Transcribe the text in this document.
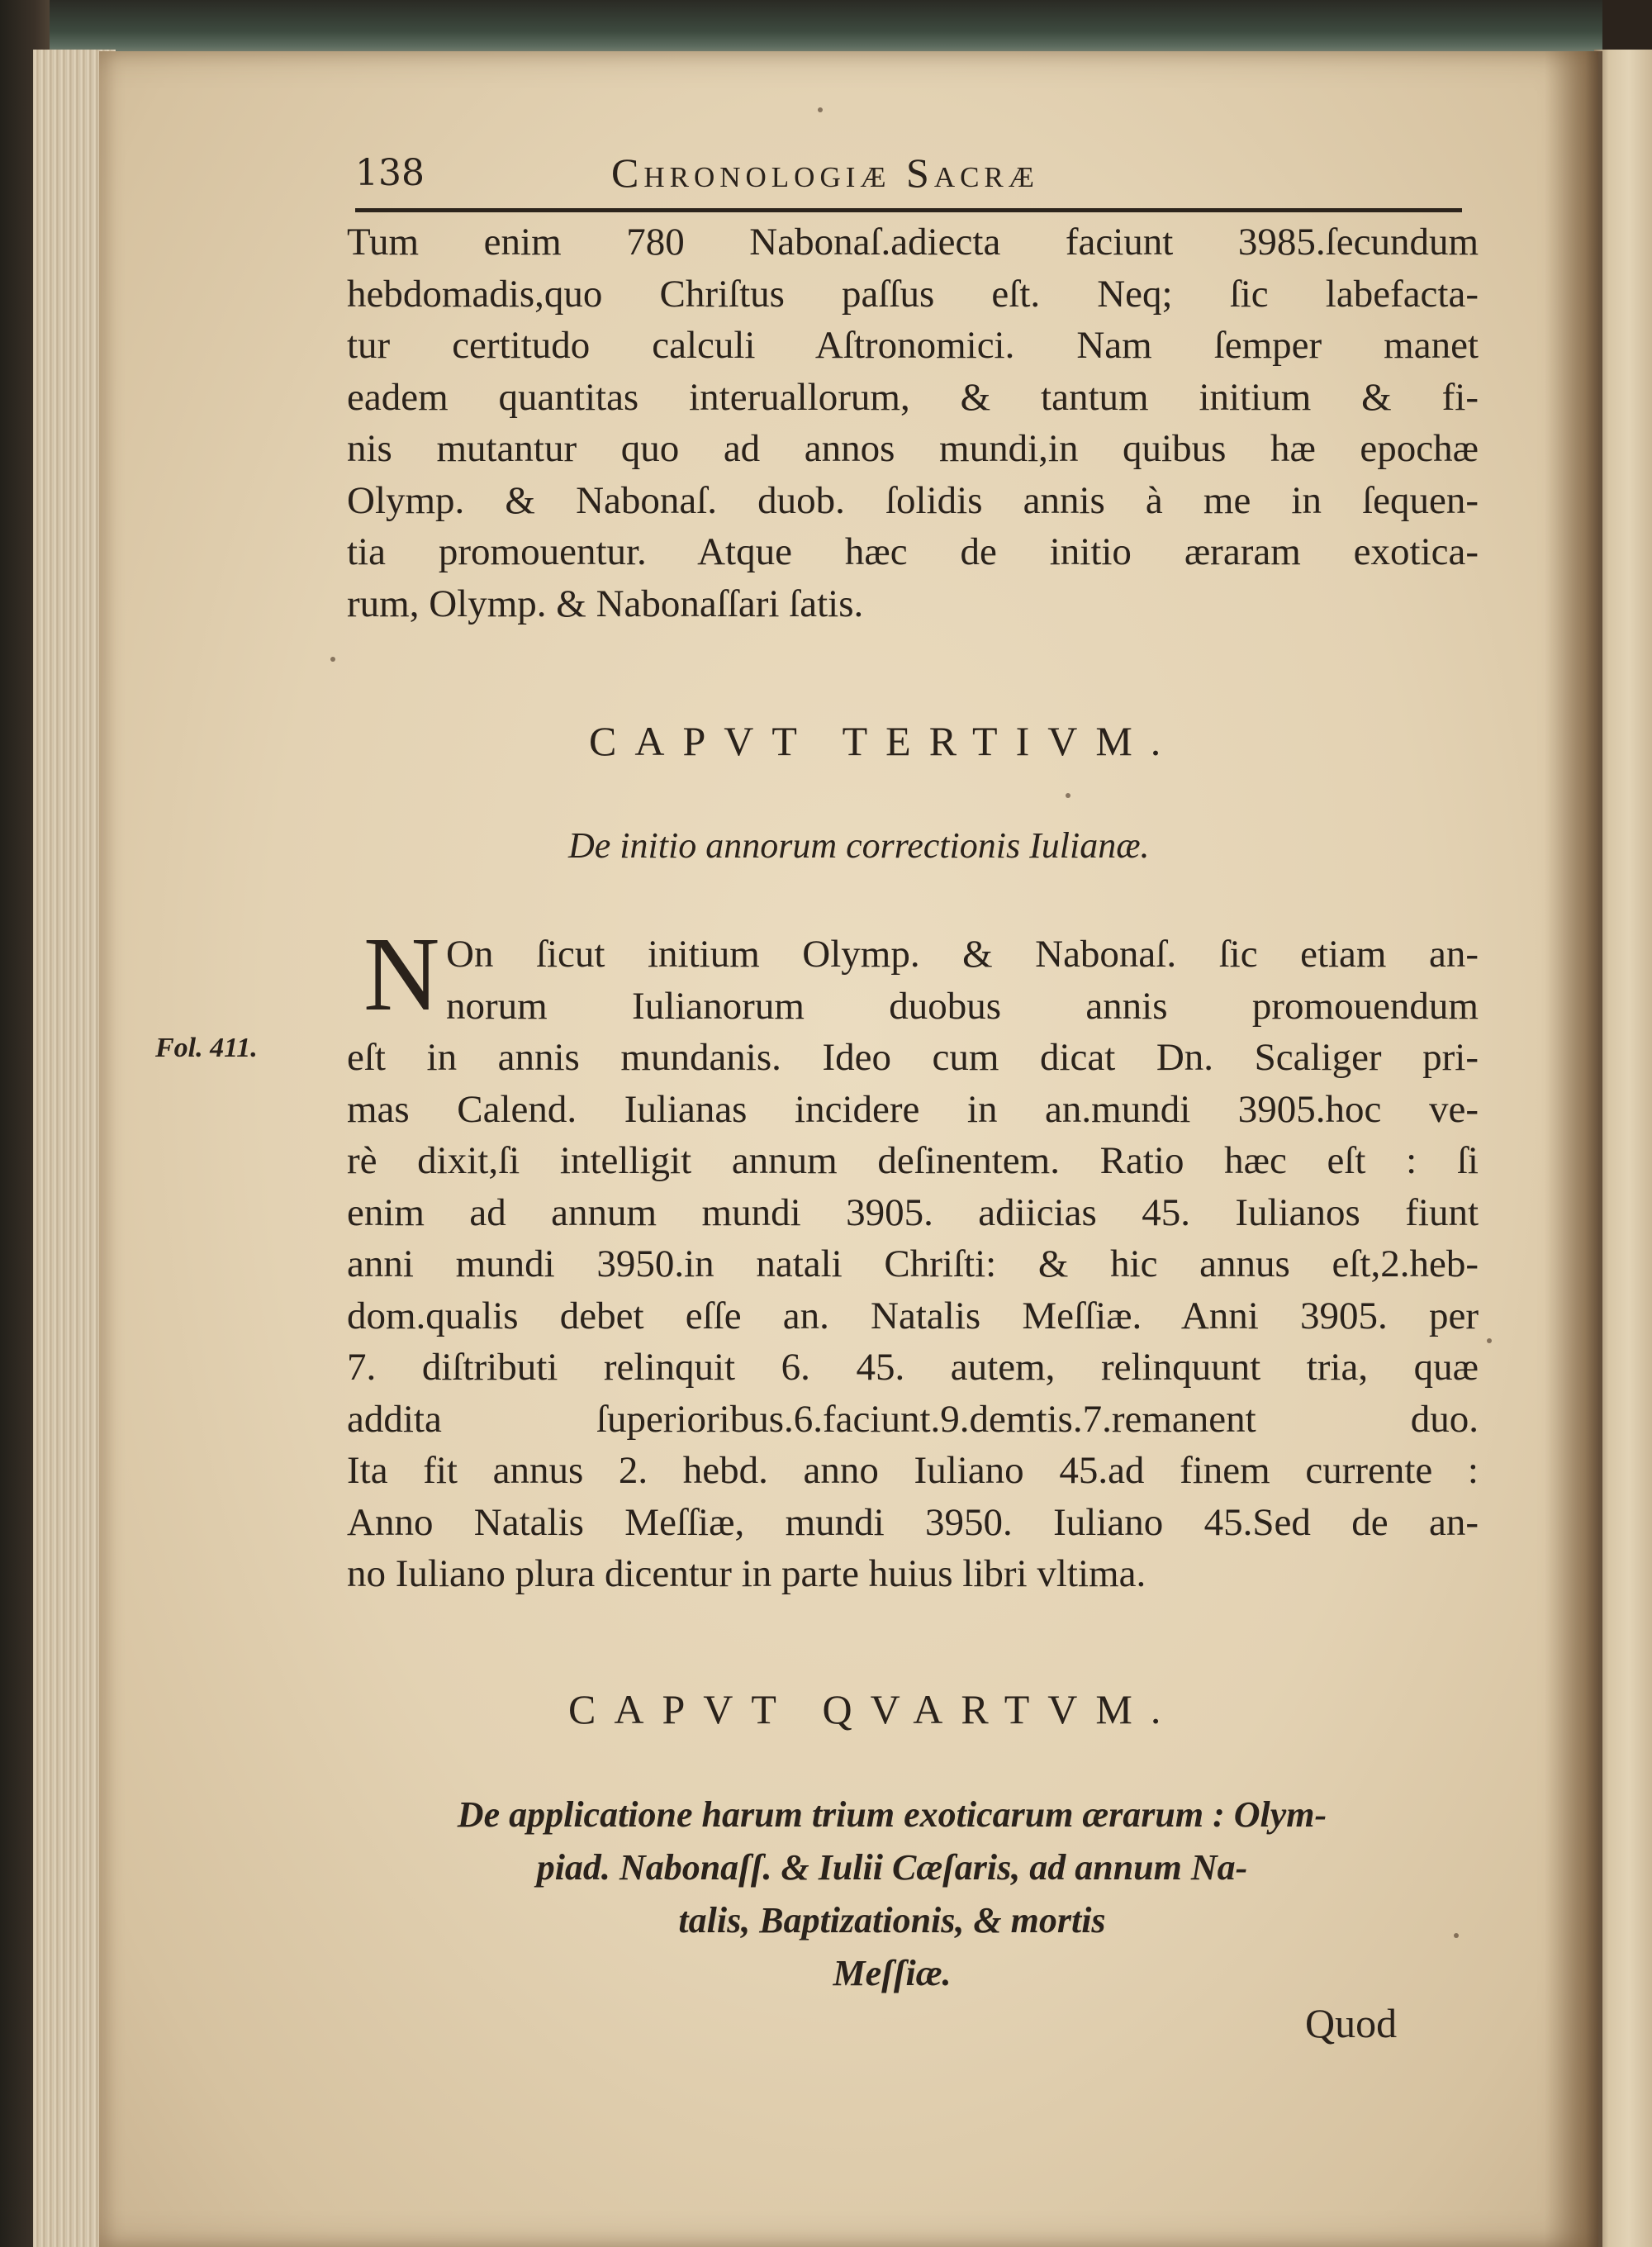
138	Chronologiæ Sacræ
Tum enim 780 Nabonaſ.adiecta faciunt 3985.ſecundum
hebdomadis,quo Chriſtus paſſus eſt. Neq; ſic labefacta-
tur certitudo calculi Aſtronomici. Nam ſemper manet
eadem quantitas interuallorum, & tantum initium & fi-
nis mutantur quo ad annos mundi,in quibus hæ epochæ
Olymp. & Nabonaſ. duob. ſolidis annis à me in ſequen-
tia promouentur. Atque hæc de initio æraram exotica-
rum, Olymp. & Nabonaſſari ſatis.
CAPVT TERTIVM.
De initio annorum correctionis Iulianæ.
N
Fol. 411.
On ſicut initium Olymp. & Nabonaſ. ſic etiam an-
norum Iulianorum duobus annis promouendum
eſt in annis mundanis. Ideo cum dicat Dn. Scaliger pri-
mas Calend. Iulianas incidere in an.mundi 3905.hoc ve-
rè dixit,ſi intelligit annum deſinentem. Ratio hæc eſt : ſi
enim ad annum mundi 3905. adiicias 45. Iulianos fiunt
anni mundi 3950.in natali Chriſti: & hic annus eſt,2.heb-
dom.qualis debet eſſe an. Natalis Meſſiæ. Anni 3905. per
7. diſtributi relinquit 6. 45. autem, relinquunt tria, quæ
addita ſuperioribus.6.faciunt.9.demtis.7.remanent duo.
Ita fit annus 2. hebd. anno Iuliano 45.ad finem currente :
Anno Natalis Meſſiæ, mundi 3950. Iuliano 45.Sed de an-
no Iuliano plura dicentur in parte huius libri vltima.
CAPVT QVARTVM.
De applicatione harum trium exoticarum ærarum : Olym-
piad. Nabonaſſ. & Iulii Cæſaris, ad annum Na-
talis, Baptizationis, & mortis
Meſſiæ.
Quod
